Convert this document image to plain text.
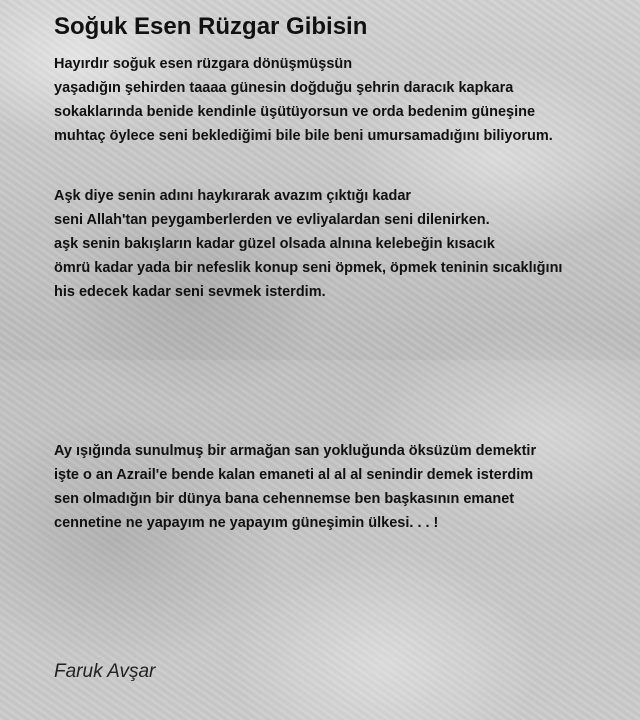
Soğuk Esen Rüzgar Gibisin
Hayırdır soğuk esen rüzgara dönüşmüşsün
yaşadığın şehirden taaaa günesin doğduğu şehrin daracık kapkara
sokaklarında benide kendinle üşütüyorsun ve orda bedenim güneşine
muhtaç öylece seni beklediğimi bile bile beni umursamadığını biliyorum.
Aşk diye senin adını haykırarak avazım çıktığı kadar
seni Allah'tan peygamberlerden ve evliyalardan seni dilenirken.
aşk senin bakışların kadar güzel olsada alnına kelebeğin kısacık
ömrü kadar yada bir nefeslik konup seni öpmek, öpmek teninin sıcaklığını
his edecek kadar seni sevmek isterdim.
Ay ışığında sunulmuş bir armağan san yokluğunda öksüzüm demektir
işte o an Azrail'e bende kalan emaneti al al al senindir demek isterdim
sen olmadığın bir dünya bana cehennemse ben başkasının emanet
cennetine ne yapayım ne yapayım güneşimin ülkesi. . . !
Faruk Avşar
